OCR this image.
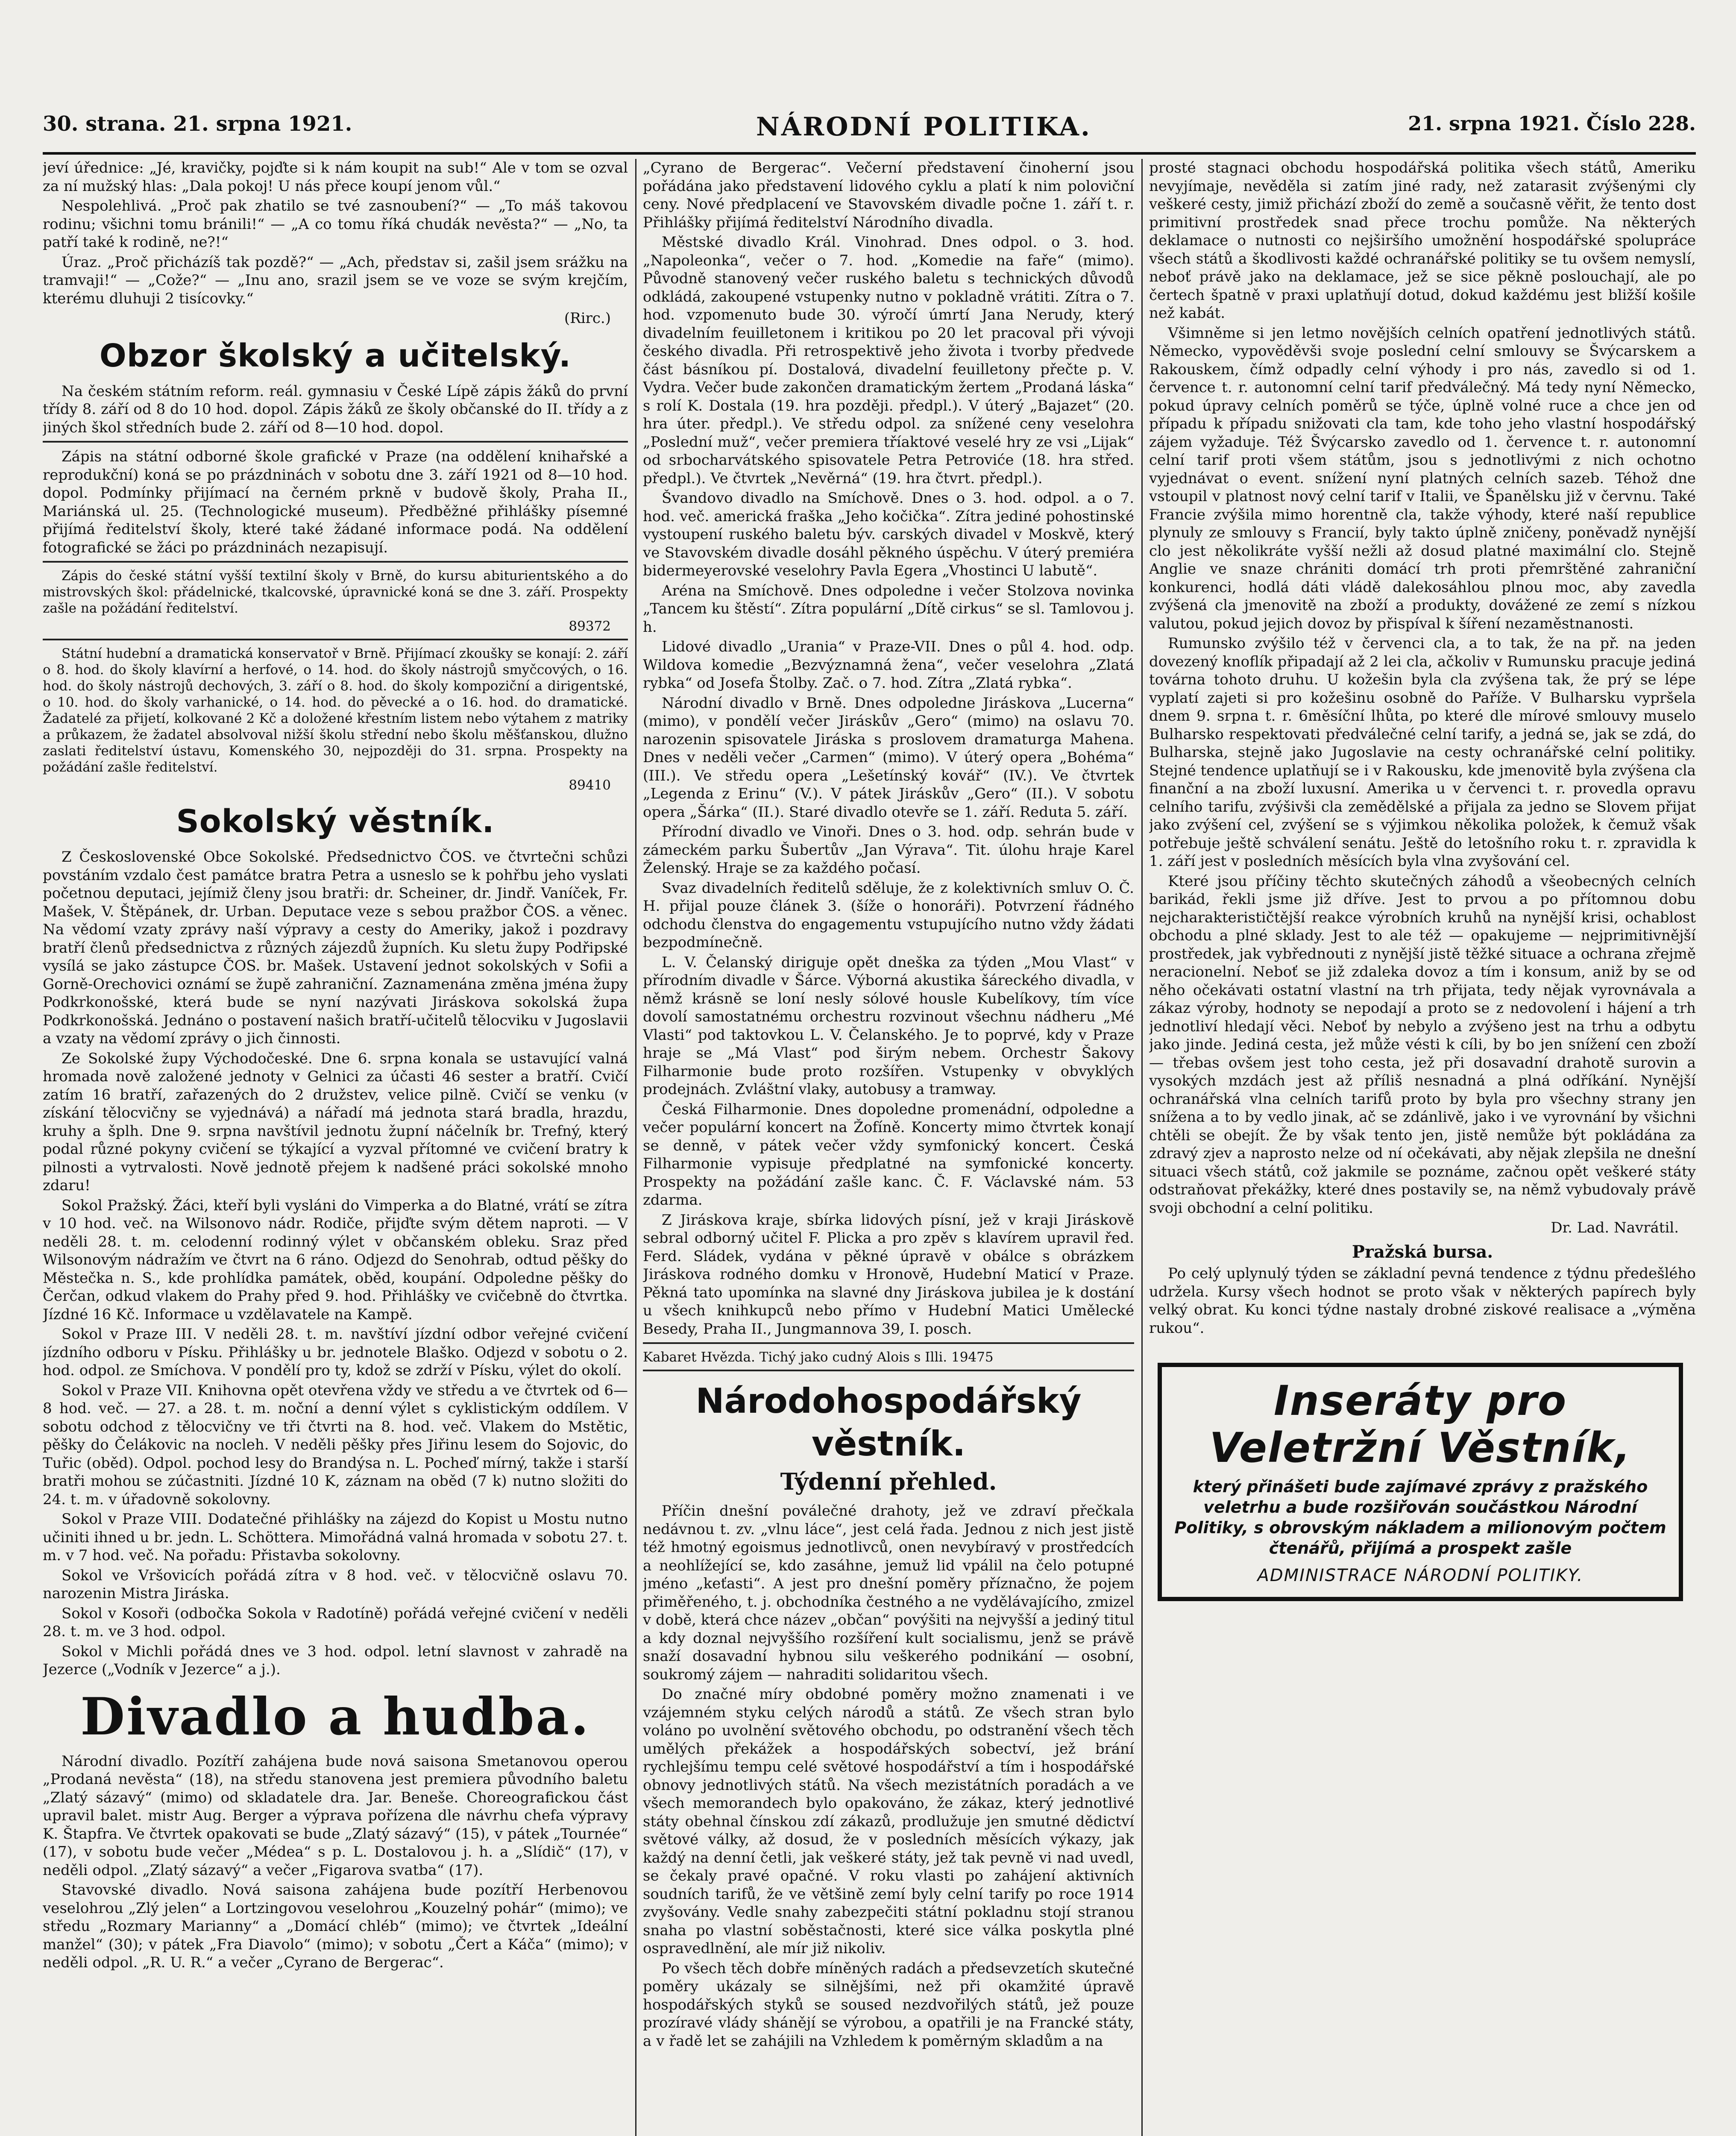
30. strana. 21. srpna 1921.	NÁRODNÍ POLITIKA.	21. srpna 1921. Číslo 228.

jeví úřednice: „Jé, kravičky, pojďte si k nám koupit na sub!“ Ale v tom se ozval za ní mužský hlas: „Dala pokoj! U nás přece koupí jenom vůl.“

Nespolehlivá. „Proč pak zhatilo se tvé zasnoubení?“ — „To máš takovou rodinu; všichni tomu bránili!“ — „A co tomu říká chudák nevěsta?“ — „No, ta patří také k rodině, ne?!“

Úraz. „Proč přicházíš tak pozdě?“ — „Ach, představ si, zašil jsem srážku na tramvaji!“ — „Cože?“ — „Inu ano, srazil jsem se ve voze se svým krejčím, kterému dluhuji 2 tisícovky.“

(Rirc.)

Obzor školský a učitelský.

Na českém státním reform. reál. gymnasiu v České Lípě zápis žáků do první třídy 8. září od 8 do 10 hod. dopol. Zápis žáků ze školy občanské do II. třídy a z jiných škol středních bude 2. září od 8—10 hod. dopol.

Zápis na státní odborné škole grafické v Praze (na oddělení knihařské a reprodukční) koná se po prázdninách v sobotu dne 3. září 1921 od 8—10 hod. dopol. Podmínky přijímací na černém prkně v budově školy, Praha II., Mariánská ul. 25. (Technologické museum). Předběžné přihlášky písemné přijímá ředitelství školy, které také žádané informace podá. Na oddělení fotografické se žáci po prázdninách nezapisují.

Zápis do české státní vyšší textilní školy v Brně, do kursu abiturientského a do mistrovských škol: přádelnické, tkalcovské, úpravnické koná se dne 3. září. Prospekty zašle na požádání ředitelství.

89372

Státní hudební a dramatická konservatoř v Brně. Přijímací zkoušky se konají: 2. září o 8. hod. do školy klavírní a herfové, o 14. hod. do školy nástrojů smyčcových, o 16. hod. do školy nástrojů dechových, 3. září o 8. hod. do školy kompoziční a dirigentské, o 10. hod. do školy varhanické, o 14. hod. do pěvecké a o 16. hod. do dramatické. Žadatelé za přijetí, kolkované 2 Kč a doložené křestním listem nebo výtahem z matriky a průkazem, že žadatel absolvoval nižší školu střední nebo školu měšťanskou, dlužno zaslati ředitelství ústavu, Komenského 30, nejpozději do 31. srpna. Prospekty na požádání zašle ředitelství.

89410

Sokolský věstník.

Z Československé Obce Sokolské. Předsednictvo ČOS. ve čtvrtečni schůzi povstáním vzdalo čest památce bratra Petra a usneslo se k pohřbu jeho vyslati početnou deputaci, jejímiž členy jsou bratři: dr. Scheiner, dr. Jindř. Vaníček, Fr. Mašek, V. Štěpánek, dr. Urban. Deputace veze s sebou pražbor ČOS. a věnec. Na vědomí vzaty zprávy naší výpravy a cesty do Ameriky, jakož i pozdravy bratří členů předsednictva z různých zájezdů župních. Ku sletu župy Podřipské vysílá se jako zástupce ČOS. br. Mašek. Ustavení jednot sokolských v Sofii a Gorně-Orechovici oznámí se župě zahraniční. Zaznamenána změna jména župy Podkrkonošské, která bude se nyní nazývati Jiráskova sokolská župa Podkrkonošská. Jednáno o postavení našich bratří-učitelů tělocviku v Jugoslavii a vzaty na vědomí zprávy o jich činnosti.

Ze Sokolské župy Východočeské. Dne 6. srpna konala se ustavující valná hromada nově založené jednoty v Gelnici za účasti 46 sester a bratří. Cvičí zatím 16 bratří, zařazených do 2 družstev, velice pilně. Cvičí se venku (v získání tělocvičny se vyjednává) a nářadí má jednota stará bradla, hrazdu, kruhy a šplh. Dne 9. srpna navštívil jednotu župní náčelník br. Trefný, který podal různé pokyny cvičení se týkající a vyzval přítomné ve cvičení bratry k pilnosti a vytrvalosti. Nově jednotě přejem k nadšené práci sokolské mnoho zdaru!

Sokol Pražský. Žáci, kteří byli vysláni do Vimperka a do Blatné, vrátí se zítra v 10 hod. več. na Wilsonovo nádr. Rodiče, přijďte svým dětem naproti. — V neděli 28. t. m. celodenní rodinný výlet v občanském obleku. Sraz před Wilsonovým nádražím ve čtvrt na 6 ráno. Odjezd do Senohrab, odtud pěšky do Městečka n. S., kde prohlídka památek, oběd, koupání. Odpoledne pěšky do Čerčan, odkud vlakem do Prahy před 9. hod. Přihlášky ve cvičebně do čtvrtka. Jízdné 16 Kč. Informace u vzdělavatele na Kampě.

Sokol v Praze III. V neděli 28. t. m. navštíví jízdní odbor veřejné cvičení jízdního odboru v Písku. Přihlášky u br. jednotele Blaško. Odjezd v sobotu o 2. hod. odpol. ze Smíchova. V pondělí pro ty, kdož se zdrží v Písku, výlet do okolí.

Sokol v Praze VII. Knihovna opět otevřena vždy ve středu a ve čtvrtek od 6—8 hod. več. — 27. a 28. t. m. noční a denní výlet s cyklistickým oddílem. V sobotu odchod z tělocvičny ve tři čtvrti na 8. hod. več. Vlakem do Mstětic, pěšky do Čelákovic na nocleh. V neděli pěšky přes Jiřinu lesem do Sojovic, do Tuřic (oběd). Odpol. pochod lesy do Brandýsa n. L. Pocheď mírný, takže i starší bratři mohou se zúčastniti. Jízdné 10 K, záznam na oběd (7 k) nutno složiti do 24. t. m. v úřadovně sokolovny.

Sokol v Praze VIII. Dodatečné přihlášky na zájezd do Kopist u Mostu nutno učiniti ihned u br. jedn. L. Schöttera. Mimořádná valná hromada v sobotu 27. t. m. v 7 hod. več. Na pořadu: Přistavba sokolovny.

Sokol ve Vršovicích pořádá zítra v 8 hod. več. v tělocvičně oslavu 70. narozenin Mistra Jiráska.

Sokol v Kosoři (odbočka Sokola v Radotíně) pořádá veřejné cvičení v neděli 28. t. m. ve 3 hod. odpol.

Sokol v Michli pořádá dnes ve 3 hod. odpol. letní slavnost v zahradě na Jezerce („Vodník v Jezerce“ a j.).

Divadlo a hudba.

Národní divadlo. Pozítří zahájena bude nová saisona Smetanovou operou „Prodaná nevěsta“ (18), na středu stanovena jest premiera původního baletu „Zlatý sázavý“ (mimo) od skladatele dra. Jar. Beneše. Choreografickou část upravil balet. mistr Aug. Berger a výprava pořízena dle návrhu chefa výpravy K. Štapfra. Ve čtvrtek opakovati se bude „Zlatý sázavý“ (15), v pátek „Tournée“ (17), v sobotu bude večer „Médea“ s p. L. Dostalovou j. h. a „Slídič“ (17), v neděli odpol. „Zlatý sázavý“ a večer „Figarova svatba“ (17).

Stavovské divadlo. Nová saisona zahájena bude pozítří Herbenovou veselohrou „Zlý jelen“ a Lortzingovou veselohrou „Kouzelný pohár“ (mimo); ve středu „Rozmary Marianny“ a „Domácí chléb“ (mimo); ve čtvrtek „Ideální manžel“ (30); v pátek „Fra Diavolo“ (mimo); v sobotu „Čert a Káča“ (mimo); v neděli odpol. „R. U. R.“ a večer „Cyrano de Bergerac“.

„Cyrano de Bergerac“. Večerní představení činoherní jsou pořádána jako představení lidového cyklu a platí k nim poloviční ceny. Nové předplacení ve Stavovském divadle počne 1. září t. r. Přihlášky přijímá ředitelství Národního divadla.

Městské divadlo Král. Vinohrad. Dnes odpol. o 3. hod. „Napoleonka“, večer o 7. hod. „Komedie na faře“ (mimo). Původně stanovený večer ruského baletu s technických důvodů odkládá, zakoupené vstupenky nutno v pokladně vrátiti. Zítra o 7. hod. vzpomenuto bude 30. výročí úmrtí Jana Nerudy, který divadelním feuilletonem i kritikou po 20 let pracoval při vývoji českého divadla. Při retrospektivě jeho života i tvorby předvede část básníkou pí. Dostalová, divadelní feuilletony přečte p. V. Vydra. Večer bude zakončen dramatickým žertem „Prodaná láska“ s rolí K. Dostala (19. hra později. předpl.). V úterý „Bajazet“ (20. hra úter. předpl.). Ve středu odpol. za snížené ceny veselohra „Poslední muž“, večer premiera tříaktové veselé hry ze vsi „Lijak“ od srbocharvátského spisovatele Petra Petroviće (18. hra střed. předpl.). Ve čtvrtek „Nevěrná“ (19. hra čtvrt. předpl.).

Švandovo divadlo na Smíchově. Dnes o 3. hod. odpol. a o 7. hod. več. americká fraška „Jeho kočička“. Zítra jediné pohostinské vystoupení ruského baletu býv. carských divadel v Moskvě, který ve Stavovském divadle dosáhl pěkného úspěchu. V úterý premiéra bidermeyerovské veselohry Pavla Egera „Vhostinci U labutě“.

Aréna na Smíchově. Dnes odpoledne i večer Stolzova novinka „Tancem ku štěstí“. Zítra populární „Dítě cirkus“ se sl. Tamlovou j. h.

Lidové divadlo „Urania“ v Praze-VII. Dnes o půl 4. hod. odp. Wildova komedie „Bezvýznamná žena“, večer veselohra „Zlatá rybka“ od Josefa Štolby. Zač. o 7. hod. Zítra „Zlatá rybka“.

Národní divadlo v Brně. Dnes odpoledne Jiráskova „Lucerna“ (mimo), v pondělí večer Jiráskův „Gero“ (mimo) na oslavu 70. narozenin spisovatele Jiráska s proslovem dramaturga Mahena. Dnes v neděli večer „Carmen“ (mimo). V úterý opera „Bohéma“ (III.). Ve středu opera „Lešetínský kovář“ (IV.). Ve čtvrtek „Legenda z Erinu“ (V.). V pátek Jiráskův „Gero“ (II.). V sobotu opera „Šárka“ (II.). Staré divadlo otevře se 1. září. Reduta 5. září.

Přírodní divadlo ve Vinoři. Dnes o 3. hod. odp. sehrán bude v zámeckém parku Šubertův „Jan Výrava“. Tit. úlohu hraje Karel Želenský. Hraje se za každého počasí.

Svaz divadelních ředitelů sděluje, že z kolektivních smluv O. Č. H. přijal pouze článek 3. (šíže o honoráři). Potvrzení řádného odchodu členstva do engagementu vstupujícího nutno vždy žádati bezpodmínečně.

L. V. Čelanský diriguje opět dneška za týden „Mou Vlast“ v přírodním divadle v Šárce. Výborná akustika šáreckého divadla, v němž krásně se loní nesly sólové housle Kubelíkovy, tím více dovolí samostatnému orchestru rozvinout všechnu nádheru „Mé Vlasti“ pod taktovkou L. V. Čelanského. Je to poprvé, kdy v Praze hraje se „Má Vlast“ pod širým nebem. Orchestr Šakovy Filharmonie bude proto rozšířen. Vstupenky v obvyklých prodejnách. Zvláštní vlaky, autobusy a tramway.

Česká Filharmonie. Dnes dopoledne promenádní, odpoledne a večer populární koncert na Žofíně. Koncerty mimo čtvrtek konají se denně, v pátek večer vždy symfonický koncert. Česká Filharmonie vypisuje předplatné na symfonické koncerty. Prospekty na požádání zašle kanc. Č. F. Václavské nám. 53 zdarma.

Z Jiráskova kraje, sbírka lidových písní, jež v kraji Jiráskově sebral odborný učitel F. Plicka a pro zpěv s klavírem upravil řed. Ferd. Sládek, vydána v pěkné úpravě v obálce s obrázkem Jiráskova rodného domku v Hronově, Hudební Maticí v Praze. Pěkná tato upomínka na slavné dny Jiráskova jubilea je k dostání u všech knihkupců nebo přímo v Hudební Matici Umělecké Besedy, Praha II., Jungmannova 39, I. posch.

Kabaret Hvězda. Tichý jako cudný Alois s Illi. 19475

Národohospodářský věstník.
Týdenní přehled.

Příčin dnešní poválečné drahoty, jež ve zdraví přečkala nedávnou t. zv. „vlnu láce“, jest celá řada. Jednou z nich jest jistě též hmotný egoismus jednotlivců, onen nevybíravý v prostředcích a neohlížející se, kdo zasáhne, jemuž lid vpálil na čelo potupné jméno „keťasti“. A jest pro dnešní poměry příznačno, že pojem přiměřeného, t. j. obchodníka čestného a ne vydělávajícího, zmizel v době, která chce název „občan“ povýšiti na nejvyšší a jediný titul a kdy doznal nejvyššího rozšíření kult socialismu, jenž se právě snaží dosavadní hybnou silu veškerého podnikání — osobní, soukromý zájem — nahraditi solidaritou všech.

Do značné míry obdobné poměry možno znamenati i ve vzájemném styku celých národů a států. Ze všech stran bylo voláno po uvolnění světového obchodu, po odstranění všech těch umělých překážek a hospodářských sobectví, jež brání rychlejšímu tempu celé světové hospodářství a tím i hospodářské obnovy jednotlivých států. Na všech mezistátních poradách a ve všech memorandech bylo opakováno, že zákaz, který jednotlivé státy obehnal čínskou zdí zákazů, prodlužuje jen smutné dědictví světové války, až dosud, že v posledních měsících výkazy, jak každý na denní četli, jak veškeré státy, jež tak pevně vi nad uvedl, se čekaly pravé opačné. V roku vlasti po zahájení aktivních soudních tarifů, že ve většině zemí byly celní tarify po roce 1914 zvyšovány. Vedle snahy zabezpečiti státní pokladnu stojí stranou snaha po vlastní soběstačnosti, které sice válka poskytla plné ospravedlnění, ale mír již nikoliv.

Po všech těch dobře míněných radách a předsevzetích skutečné poměry ukázaly se silnějšími, než při okamžité úpravě hospodářských styků se soused nezdvořilých států, jež pouze prozíravé vlády shánějí se výrobou, a opatřili je na Francké státy, a v řadě let se zahájili na Vzhledem k poměrným skladům a na

prosté stagnaci obchodu hospodářská politika všech států, Ameriku nevyjímaje, nevěděla si zatím jiné rady, než zatarasit zvýšenými cly veškeré cesty, jimiž přichází zboží do země a současně věřit, že tento dost primitivní prostředek snad přece trochu pomůže. Na některých deklamace o nutnosti co nejširšího umožnění hospodářské spolupráce všech států a škodlivosti každé ochranářské politiky se tu ovšem nemyslí, neboť právě jako na deklamace, jež se sice pěkně poslouchají, ale po čertech špatně v praxi uplatňují dotud, dokud každému jest bližší košile než kabát.

Všimněme si jen letmo novějších celních opatření jednotlivých států. Německo, vypověděvši svoje poslední celní smlouvy se Švýcarskem a Rakouskem, čímž odpadly celní výhody i pro nás, zavedlo si od 1. července t. r. autonomní celní tarif předválečný. Má tedy nyní Německo, pokud úpravy celních poměrů se týče, úplně volné ruce a chce jen od případu k případu snižovati cla tam, kde toho jeho vlastní hospodářský zájem vyžaduje. Též Švýcarsko zavedlo od 1. července t. r. autonomní celní tarif proti všem státům, jsou s jednotlivými z nich ochotno vyjednávat o event. snížení nyní platných celních sazeb. Téhož dne vstoupil v platnost nový celní tarif v Italii, ve Španělsku již v červnu. Také Francie zvýšila mimo horentně cla, takže výhody, které naší republice plynuly ze smlouvy s Francií, byly takto úplně zničeny, poněvadž nynější clo jest několikráte vyšší nežli až dosud platné maximální clo. Stejně Anglie ve snaze chrániti domácí trh proti přemrštěné zahraniční konkurenci, hodlá dáti vládě dalekosáhlou plnou moc, aby zavedla zvýšená cla jmenovitě na zboží a produkty, dovážené ze zemí s nízkou valutou, pokud jejich dovoz by přispíval k šíření nezaměstnanosti.

Rumunsko zvýšilo též v červenci cla, a to tak, že na př. na jeden dovezený knoflík připadají až 2 lei cla, ačkoliv v Rumunsku pracuje jediná továrna tohoto druhu. U kožešin byla cla zvýšena tak, že prý se lépe vyplatí zajeti si pro kožešinu osobně do Paříže. V Bulharsku vypršela dnem 9. srpna t. r. 6měsíční lhůta, po které dle mírové smlouvy muselo Bulharsko respektovati předválečné celní tarify, a jedná se, jak se zdá, do Bulharska, stejně jako Jugoslavie na cesty ochranářské celní politiky. Stejné tendence uplatňují se i v Rakousku, kde jmenovitě byla zvýšena cla finanční a na zboží luxusní. Amerika u v červenci t. r. provedla opravu celního tarifu, zvýšivši cla zemědělské a přijala za jedno se Slovem přijat jako zvýšení cel, zvýšení se s výjimkou několika položek, k čemuž však potřebuje ještě schválení senátu. Ještě do letošního roku t. r. zpravidla k 1. září jest v posledních měsících byla vlna zvyšování cel.

Které jsou příčiny těchto skutečných záhodů a všeobecných celních barikád, řekli jsme již dříve. Jest to prvou a po přítomnou dobu nejcharakterističtější reakce výrobních kruhů na nynější krisi, ochablost obchodu a plné sklady. Jest to ale též — opakujeme — nejprimitivnější prostředek, jak vybřednouti z nynější jistě těžké situace a ochrana zřejmě neracionelní. Neboť se již zdaleka dovoz a tím i konsum, aniž by se od něho očekávati ostatní vlastní na trh přijata, tedy nějak vyrovnávala a zákaz výroby, hodnoty se nepodají a proto se z nedovolení i hájení a trh jednotliví hledají věci. Neboť by nebylo a zvýšeno jest na trhu a odbytu jako jinde. Jediná cesta, jež může vésti k cíli, by bo jen snížení cen zboží — třebas ovšem jest toho cesta, jež při dosavadní drahotě surovin a vysokých mzdách jest až příliš nesnadná a plná odříkání. Nynější ochranářská vlna celních tarifů proto by byla pro všechny strany jen snížena a to by vedlo jinak, ač se zdánlivě, jako i ve vyrovnání by všichni chtěli se obejít. Že by však tento jen, jistě nemůže být pokládána za zdravý zjev a naprosto nelze od ní očekávati, aby nějak zlepšila ne dnešní situaci všech států, což jakmile se poznáme, začnou opět veškeré státy odstraňovat překážky, které dnes postavily se, na němž vybudovaly právě svoji obchodní a celní politiku.

Dr. Lad. Navrátil.

Pražská bursa.

Po celý uplynulý týden se základní pevná tendence z týdnu předešlého udržela. Kursy všech hodnot se proto však v některých papírech byly velký obrat. Ku konci týdne nastaly drobné ziskové realisace a „výměna rukou“.

Inseráty pro Veletržní Věstník,
který přinášeti bude zajímavé zprávy z pražského veletrhu a bude rozšiřován součástkou Národní Politiky, s obrovským nákladem a milionovým počtem čtenářů, přijímá a prospekt zašle
ADMINISTRACE NÁRODNÍ POLITIKY.
